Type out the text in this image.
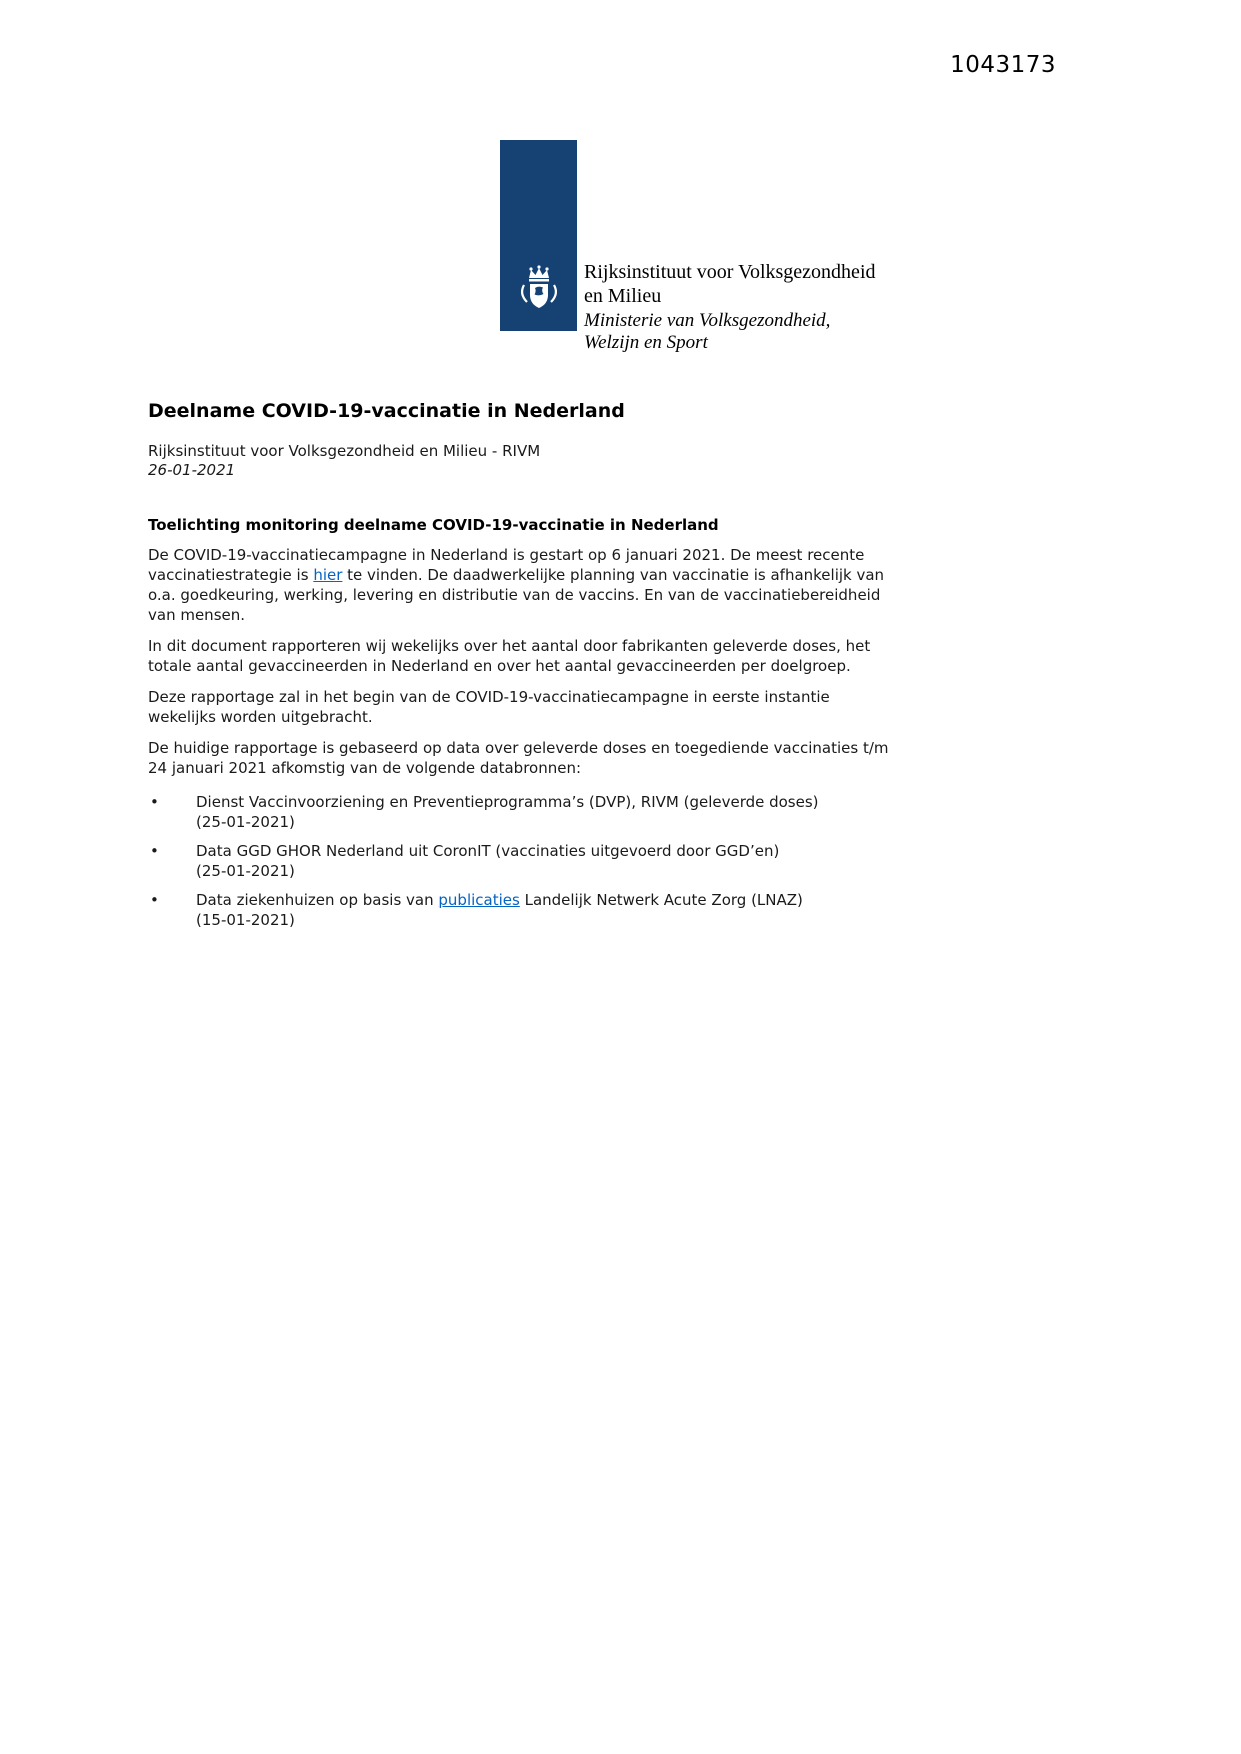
1043173
Rijksinstituut voor Volksgezondheid
en Milieu
Ministerie van Volksgezondheid,
Welzijn en Sport
Deelname COVID-19-vaccinatie in Nederland
Rijksinstituut voor Volksgezondheid en Milieu - RIVM
26-01-2021
Toelichting monitoring deelname COVID-19-vaccinatie in Nederland

De COVID-19-vaccinatiecampagne in Nederland is gestart op 6 januari 2021. De meest recente vaccinatiestrategie is hier te vinden. De daadwerkelijke planning van vaccinatie is afhankelijk van o.a. goedkeuring, werking, levering en distributie van de vaccins. En van de vaccinatiebereidheid van mensen.

In dit document rapporteren wij wekelijks over het aantal door fabrikanten geleverde doses, het totale aantal gevaccineerden in Nederland en over het aantal gevaccineerden per doelgroep.

Deze rapportage zal in het begin van de COVID-19-vaccinatiecampagne in eerste instantie wekelijks worden uitgebracht.

De huidige rapportage is gebaseerd op data over geleverde doses en toegediende vaccinaties t/m 24 januari 2021 afkomstig van de volgende databronnen:

• Dienst Vaccinvoorziening en Preventieprogramma’s (DVP), RIVM (geleverde doses)
(25-01-2021)
• Data GGD GHOR Nederland uit CoronIT (vaccinaties uitgevoerd door GGD’en)
(25-01-2021)
• Data ziekenhuizen op basis van publicaties Landelijk Netwerk Acute Zorg (LNAZ)
(15-01-2021)
